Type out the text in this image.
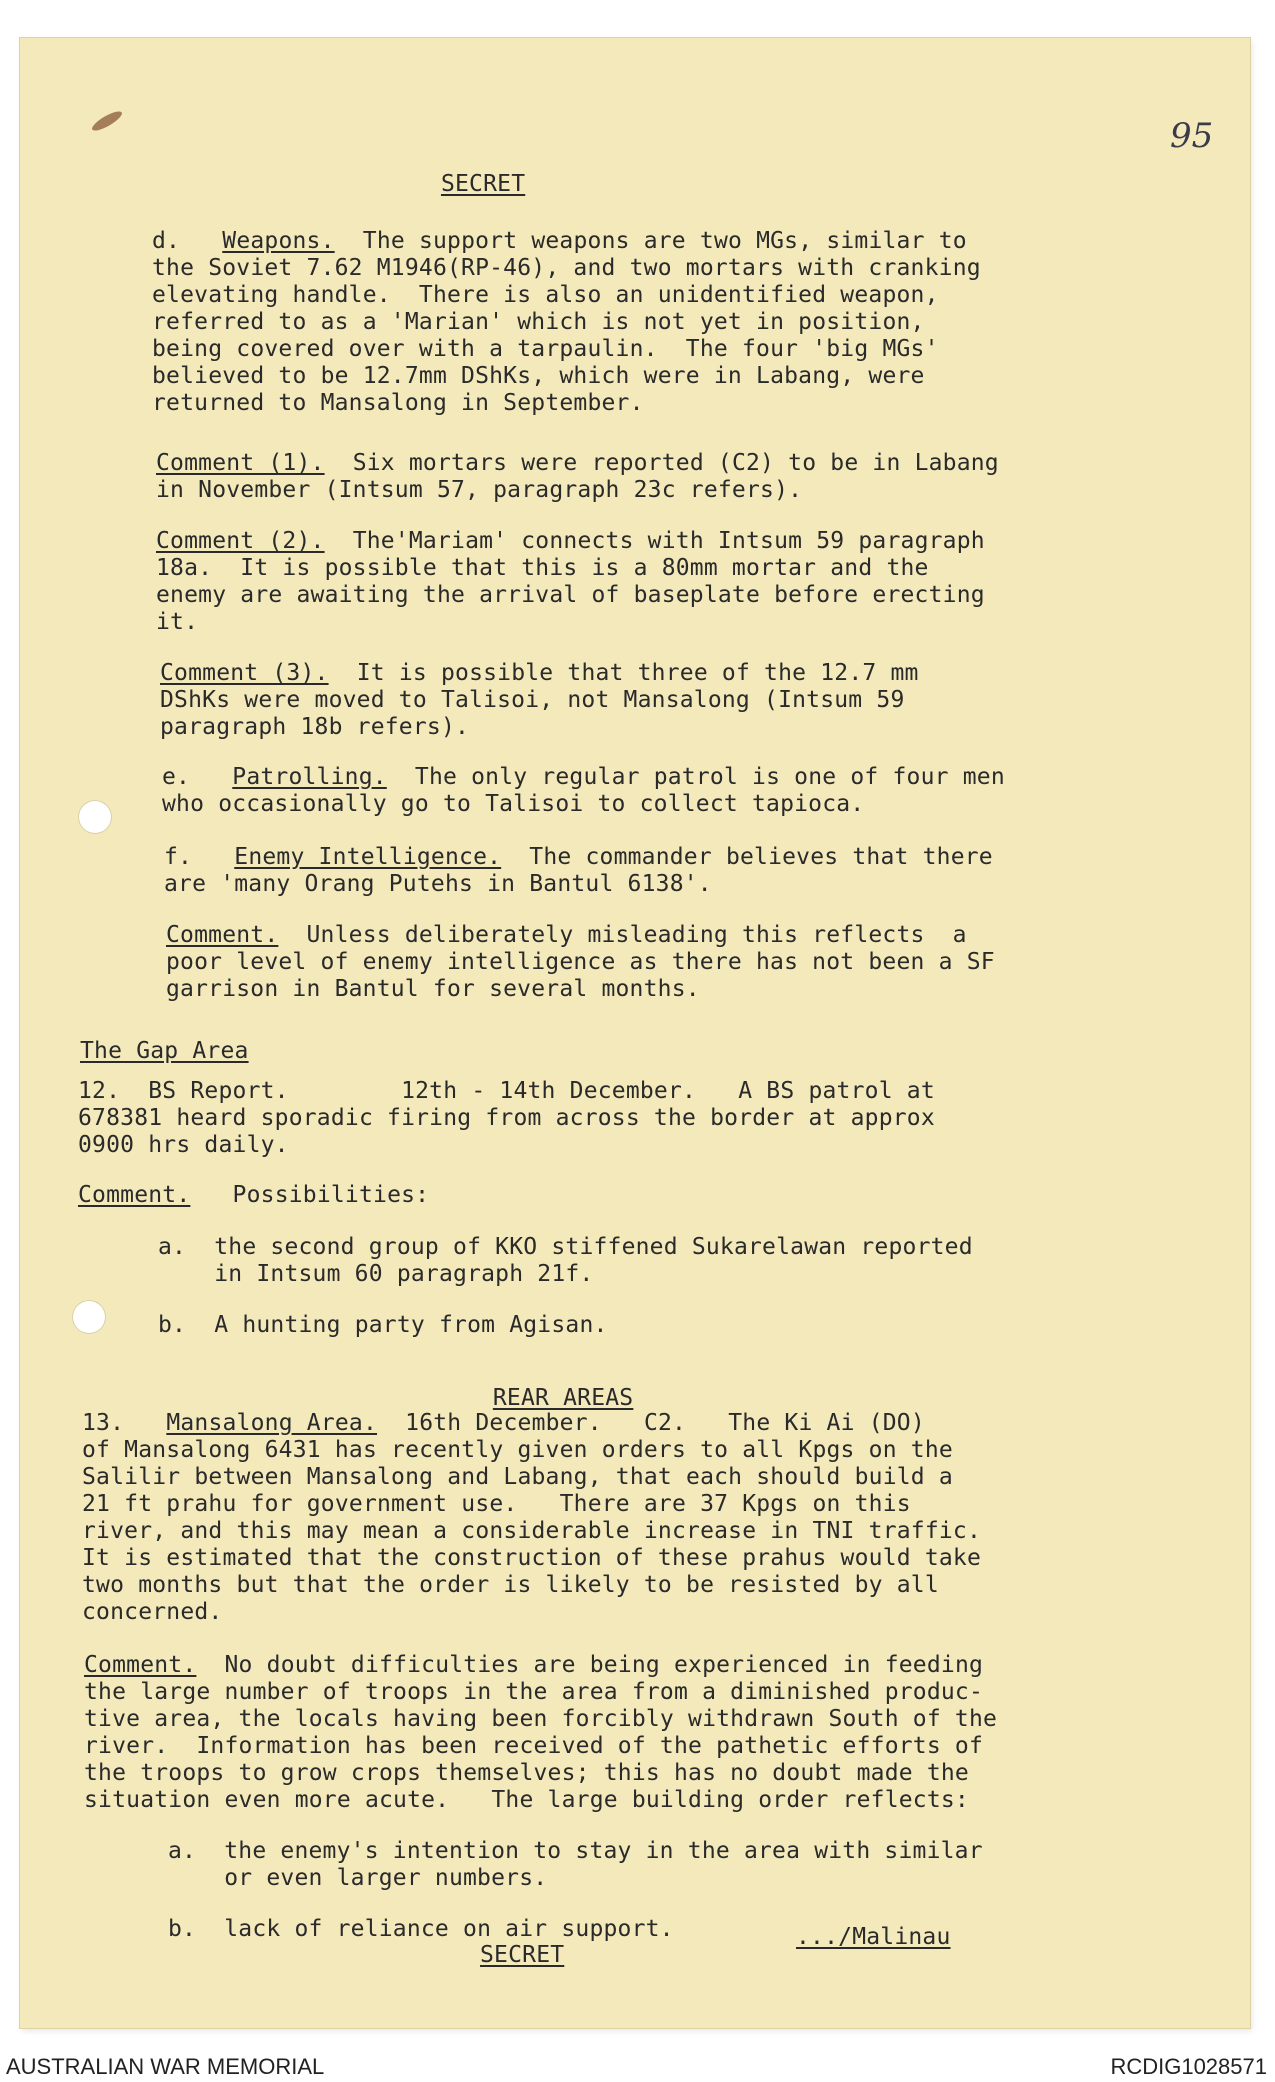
95

SECRET

d. Weapons. The support weapons are two MGs, similar to
the Soviet 7.62 M1946(RP-46), and two mortars with cranking
elevating handle.  There is also an unidentified weapon,
referred to as a 'Marian' which is not yet in position,
being covered over with a tarpaulin.  The four 'big MGs'
believed to be 12.7mm DShKs, which were in Labang, were
returned to Mansalong in September.
Comment (1). Six mortars were reported (C2) to be in Labang
in November (Intsum 57, paragraph 23c refers).
Comment (2). The'Mariam' connects with Intsum 59 paragraph
18a.  It is possible that this is a 80mm mortar and the
enemy are awaiting the arrival of baseplate before erecting
it.
Comment (3). It is possible that three of the 12.7 mm
DShKs were moved to Talisoi, not Mansalong (Intsum 59
paragraph 18b refers).
e. Patrolling. The only regular patrol is one of four men
who occasionally go to Talisoi to collect tapioca.
f. Enemy Intelligence. The commander believes that there
are 'many Orang Putehs in Bantul 6138'.
Comment. Unless deliberately misleading this reflects  a
poor level of enemy intelligence as there has not been a SF
garrison in Bantul for several months.
The Gap Area
12.  BS Report.        12th - 14th December.   A BS patrol at
678381 heard sporadic firing from across the border at approx
0900 hrs daily.
Comment. Possibilities:
a. the second group of KKO stiffened Sukarelawan reported
in Intsum 60 paragraph 21f.
b. A hunting party from Agisan.

REAR AREAS

13. Mansalong Area. 16th December.   C2.   The Ki Ai (DO)
of Mansalong 6431 has recently given orders to all Kpgs on the
Salilir between Mansalong and Labang, that each should build a
21 ft prahu for government use.   There are 37 Kpgs on this
river, and this may mean a considerable increase in TNI traffic.
It is estimated that the construction of these prahus would take
two months but that the order is likely to be resisted by all
concerned.
Comment. No doubt difficulties are being experienced in feeding
the large number of troops in the area from a diminished produc-
tive area, the locals having been forcibly withdrawn South of the
river.  Information has been received of the pathetic efforts of
the troops to grow crops themselves; this has no doubt made the
situation even more acute.   The large building order reflects:
a. the enemy's intention to stay in the area with similar
or even larger numbers.
b. lack of reliance on air support.
SECRET
.../Malinau
AUSTRALIAN WAR MEMORIAL	RCDIG1028571
